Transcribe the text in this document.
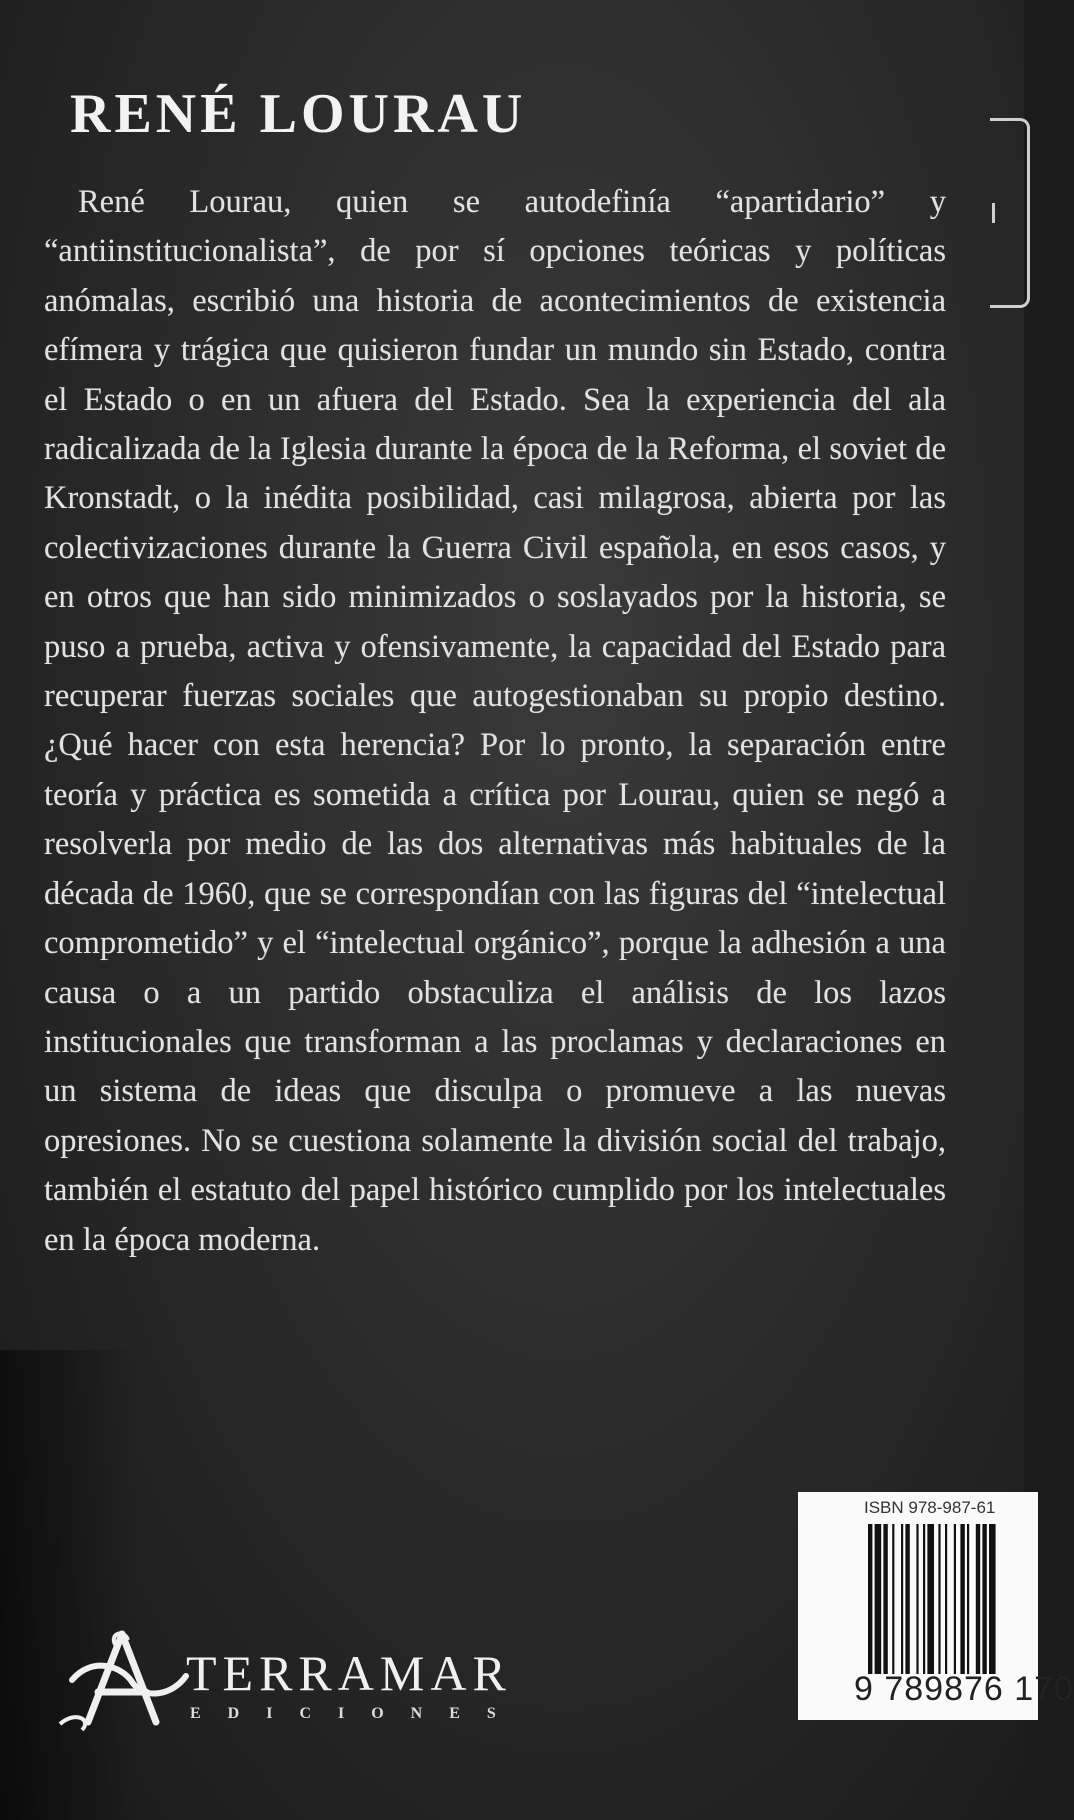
RENÉ LOURAU

René Lourau, quien se autodefinía “apartidario” y “antiinstitucionalista”, de por sí opciones teóricas y políticas anómalas, escribió una historia de acontecimientos de existencia efímera y trágica que quisieron fundar un mundo sin Estado, contra el Estado o en un afuera del Estado. Sea la experiencia del ala radicalizada de la Iglesia durante la época de la Reforma, el soviet de Kronstadt, o la inédita posibilidad, casi milagrosa, abierta por las colectivizaciones durante la Guerra Civil española, en esos casos, y en otros que han sido minimizados o soslayados por la historia, se puso a prueba, activa y ofensivamente, la capacidad del Estado para recuperar fuerzas sociales que autogestionaban su propio destino. ¿Qué hacer con esta herencia? Por lo pronto, la separación entre teoría y práctica es sometida a crítica por Lourau, quien se negó a resolverla por medio de las dos alternativas más habituales de la década de 1960, que se correspondían con las figuras del “intelectual comprometido” y el “intelectual orgánico”, porque la adhesión a una causa o a un partido obstaculiza el análisis de los lazos institucionales que transforman a las proclamas y declaraciones en un sistema de ideas que disculpa o promueve a las nuevas opresiones. No se cuestiona solamente la división social del trabajo, también el estatuto del papel histórico cumplido por los intelectuales en la época moderna.

ISBN 978-987-61
9 789876 170

TERRAMAR

EDICIONES
